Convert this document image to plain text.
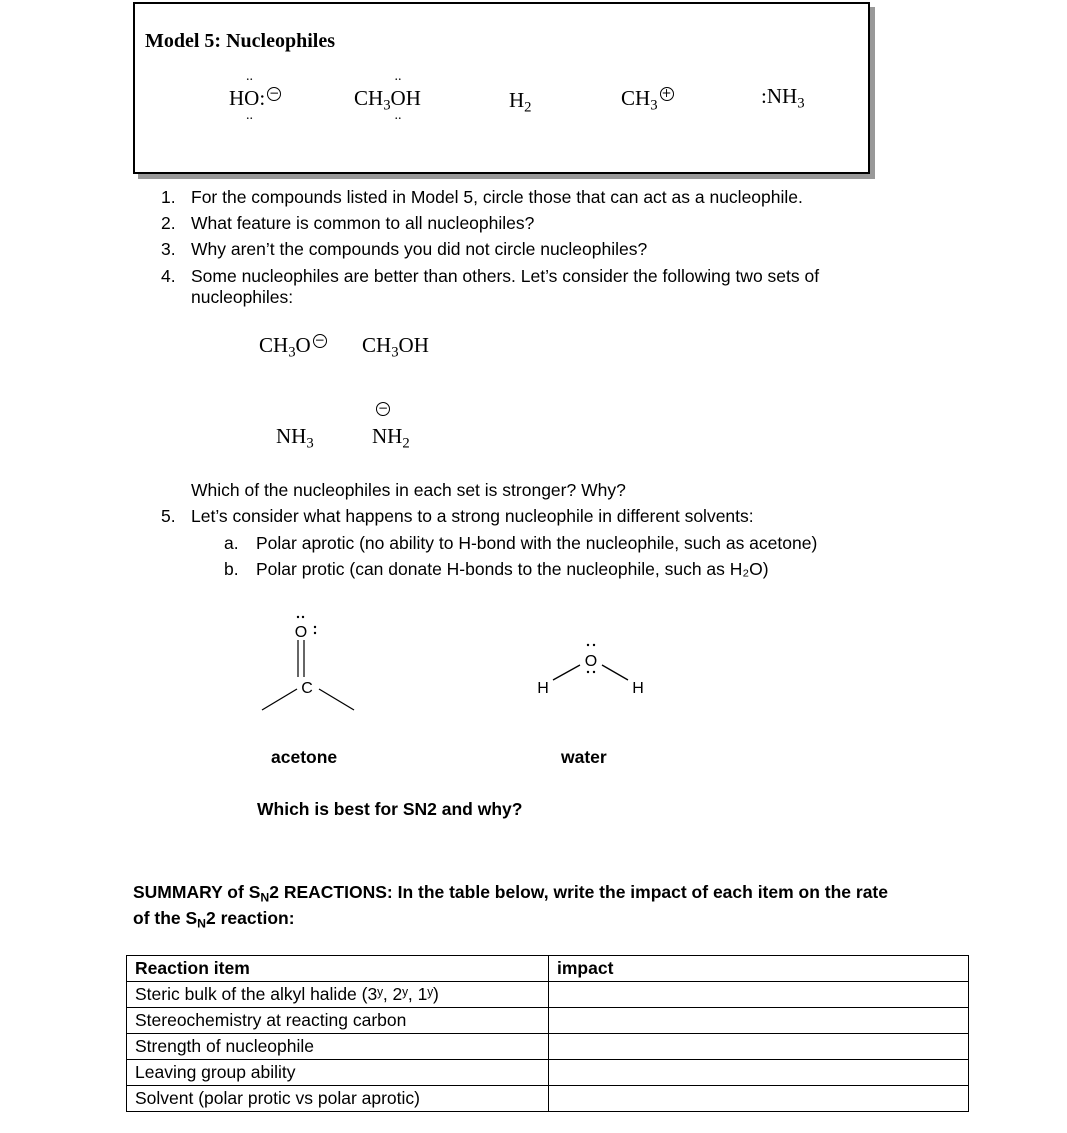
Model 5: Nucleophiles
..
..
HO: −	$CH_3$
..
..
OH	$H_2$	$CH_3+$	$:NH_3$
1. For the compounds listed in Model 5, circle those that can act as a nucleophile.
2. What feature is common to all nucleophiles?
3. Why aren’t the compounds you did not circle nucleophiles?
4. Some nucleophiles are better than others. Let’s consider the following two sets of
nucleophiles:
$CH_3O - CH_3OH$
$NH_3$
−
$NH_2$
Which of the nucleophiles in each set is stronger? Why?
5. Let’s consider what happens to a strong nucleophile in different solvents:
a. Polar aprotic (no ability to H-bond with the nucleophile, such as acetone)
b. Polar protic (can donate H-bonds to the nucleophile, such as H₂O)
O
C
O
H	H
acetone	water
Which is best for SN2 and why?
SUMMARY of $S_N2$ REACTIONS: In the table below, write the impact of each item on the rate
of the $S_N2$ reaction:
Reaction item	impact
Steric bulk of the alkyl halide (3ʸ, 2ʸ, 1ʸ)	
Stereochemistry at reacting carbon	
Strength of nucleophile	
Leaving group ability	
Solvent (polar protic vs polar aprotic)	
